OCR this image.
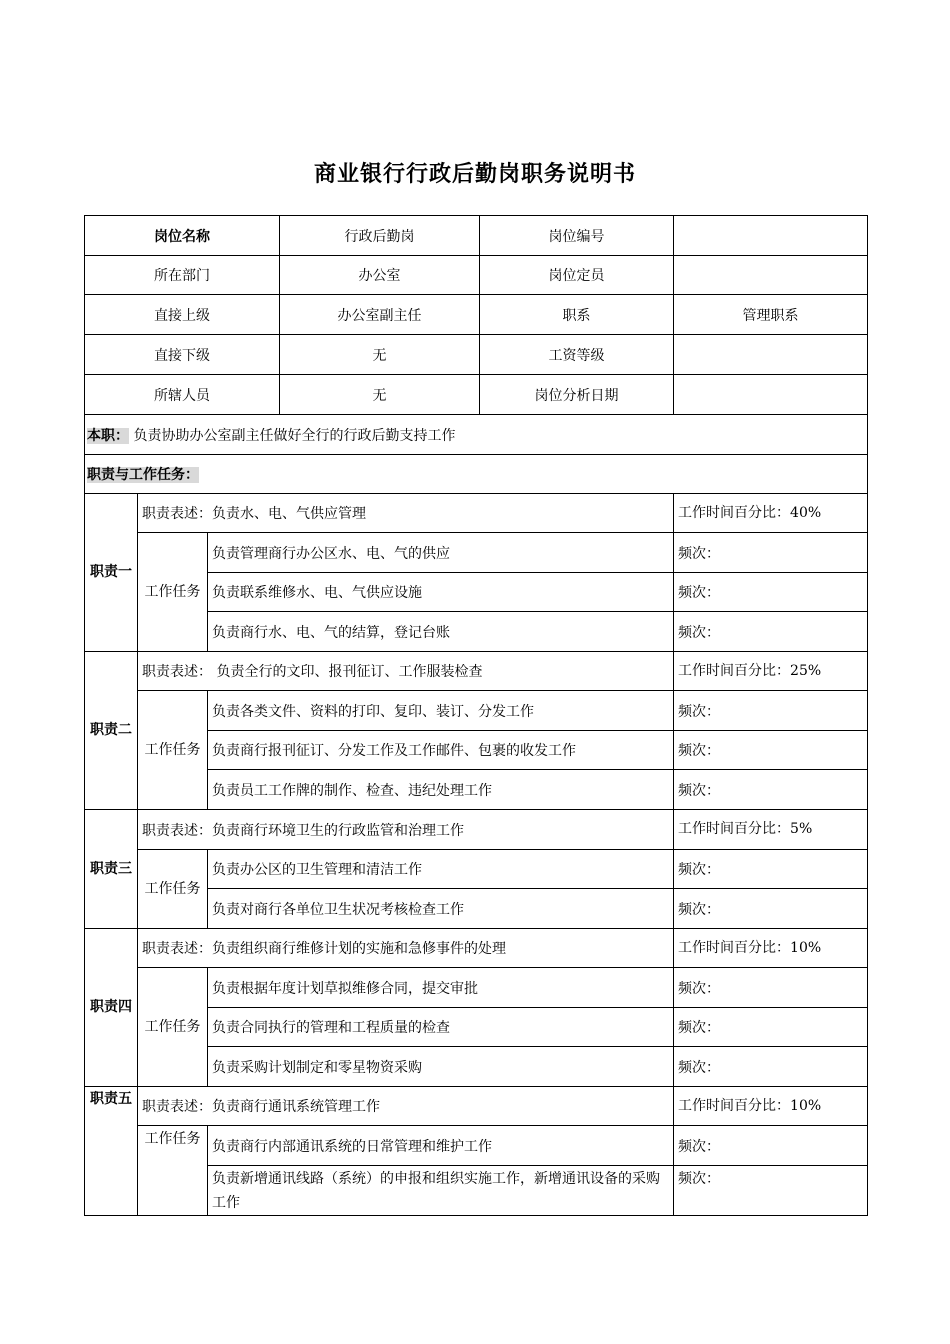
商业银行行政后勤岗职务说明书
岗位名称			行政后勤岗	岗位编号	
所在部门			办公室	岗位定员	
直接上级			办公室副主任	职系	管理职系
直接下级			无	工资等级	
所辖人员			无	岗位分析日期	
本职： 负责协助办公室副主任做好全行的行政后勤支持工作					
职责与工作任务：					
职责一	职责表述：负责水、电、气供应管理				工作时间百分比：40%
	工作任务	负责管理商行办公区水、电、气的供应			频次：
		负责联系维修水、电、气供应设施			频次：
		负责商行水、电、气的结算，登记台账			频次：
职责二	职责表述： 负责全行的文印、报刊征订、工作服装检查				工作时间百分比：25%
	工作任务	负责各类文件、资料的打印、复印、装订、分发工作			频次：
		负责商行报刊征订、分发工作及工作邮件、包裹的收发工作			频次：
		负责员工工作牌的制作、检查、违纪处理工作			频次：
职责三	职责表述：负责商行环境卫生的行政监管和治理工作				工作时间百分比：5%
	工作任务	负责办公区的卫生管理和清洁工作			频次：
		负责对商行各单位卫生状况考核检查工作			频次：
职责四	职责表述：负责组织商行维修计划的实施和急修事件的处理				工作时间百分比：10%
	工作任务	负责根据年度计划草拟维修合同，提交审批			频次：
		负责合同执行的管理和工程质量的检查			频次：
		负责采购计划制定和零星物资采购			频次：
职责五	职责表述：负责商行通讯系统管理工作				工作时间百分比：10%
	工作任务	负责商行内部通讯系统的日常管理和维护工作			频次：
		负责新增通讯线路（系统）的申报和组织实施工作，新增通讯设备的采购工作			频次：
